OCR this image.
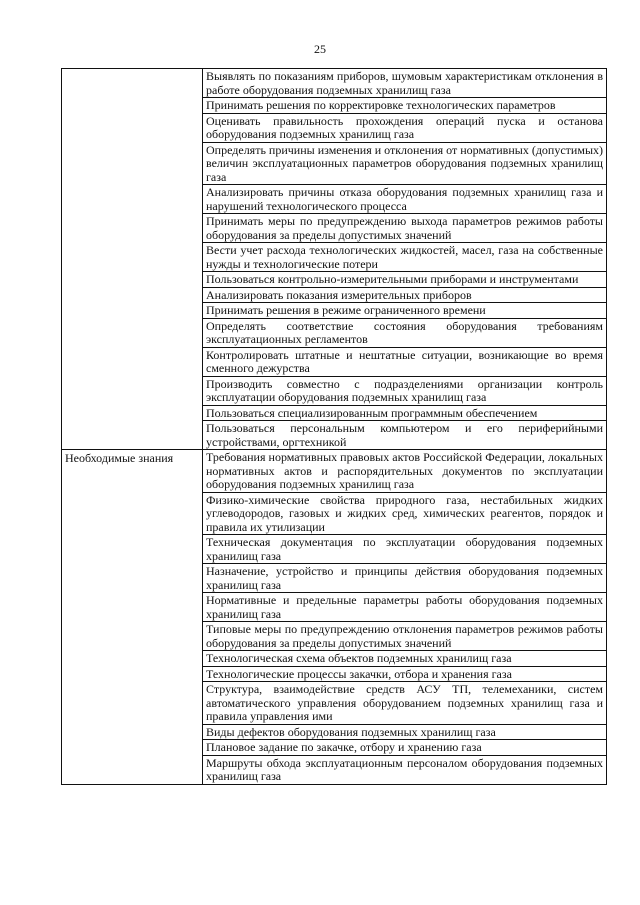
25
	Выявлять по показаниям приборов, шумовым характеристикам отклонения в работе оборудования подземных хранилищ газа
	Принимать решения по корректировке технологических параметров
	Оценивать правильность прохождения операций пуска и останова оборудования подземных хранилищ газа
	Определять причины изменения и отклонения от нормативных (допустимых) величин эксплуатационных параметров оборудования подземных хранилищ газа
	Анализировать причины отказа оборудования подземных хранилищ газа и нарушений технологического процесса
	Принимать меры по предупреждению выхода параметров режимов работы оборудования за пределы допустимых значений
	Вести учет расхода технологических жидкостей, масел, газа на собственные нужды и технологические потери
	Пользоваться контрольно-измерительными приборами и инструментами
	Анализировать показания измерительных приборов
	Принимать решения в режиме ограниченного времени
	Определять соответствие состояния оборудования требованиям эксплуатационных регламентов
	Контролировать штатные и нештатные ситуации, возникающие во время сменного дежурства
	Производить совместно с подразделениями организации контроль эксплуатации оборудования подземных хранилищ газа
	Пользоваться специализированным программным обеспечением
	Пользоваться персональным компьютером и его периферийными устройствами, оргтехникой

Необходимые знания	Требования нормативных правовых актов Российской Федерации, локальных нормативных актов и распорядительных документов по эксплуатации оборудования подземных хранилищ газа
	Физико-химические свойства природного газа, нестабильных жидких углеводородов, газовых и жидких сред, химических реагентов, порядок и правила их утилизации
	Техническая документация по эксплуатации оборудования подземных хранилищ газа
	Назначение, устройство и принципы действия оборудования подземных хранилищ газа
	Нормативные и предельные параметры работы оборудования подземных хранилищ газа
	Типовые меры по предупреждению отклонения параметров режимов работы оборудования за пределы допустимых значений
	Технологическая схема объектов подземных хранилищ газа
	Технологические процессы закачки, отбора и хранения газа
	Структура, взаимодействие средств АСУ ТП, телемеханики, систем автоматического управления оборудованием подземных хранилищ газа и правила управления ими
	Виды дефектов оборудования подземных хранилищ газа
	Плановое задание по закачке, отбору и хранению газа
	Маршруты обхода эксплуатационным персоналом оборудования подземных хранилищ газа
